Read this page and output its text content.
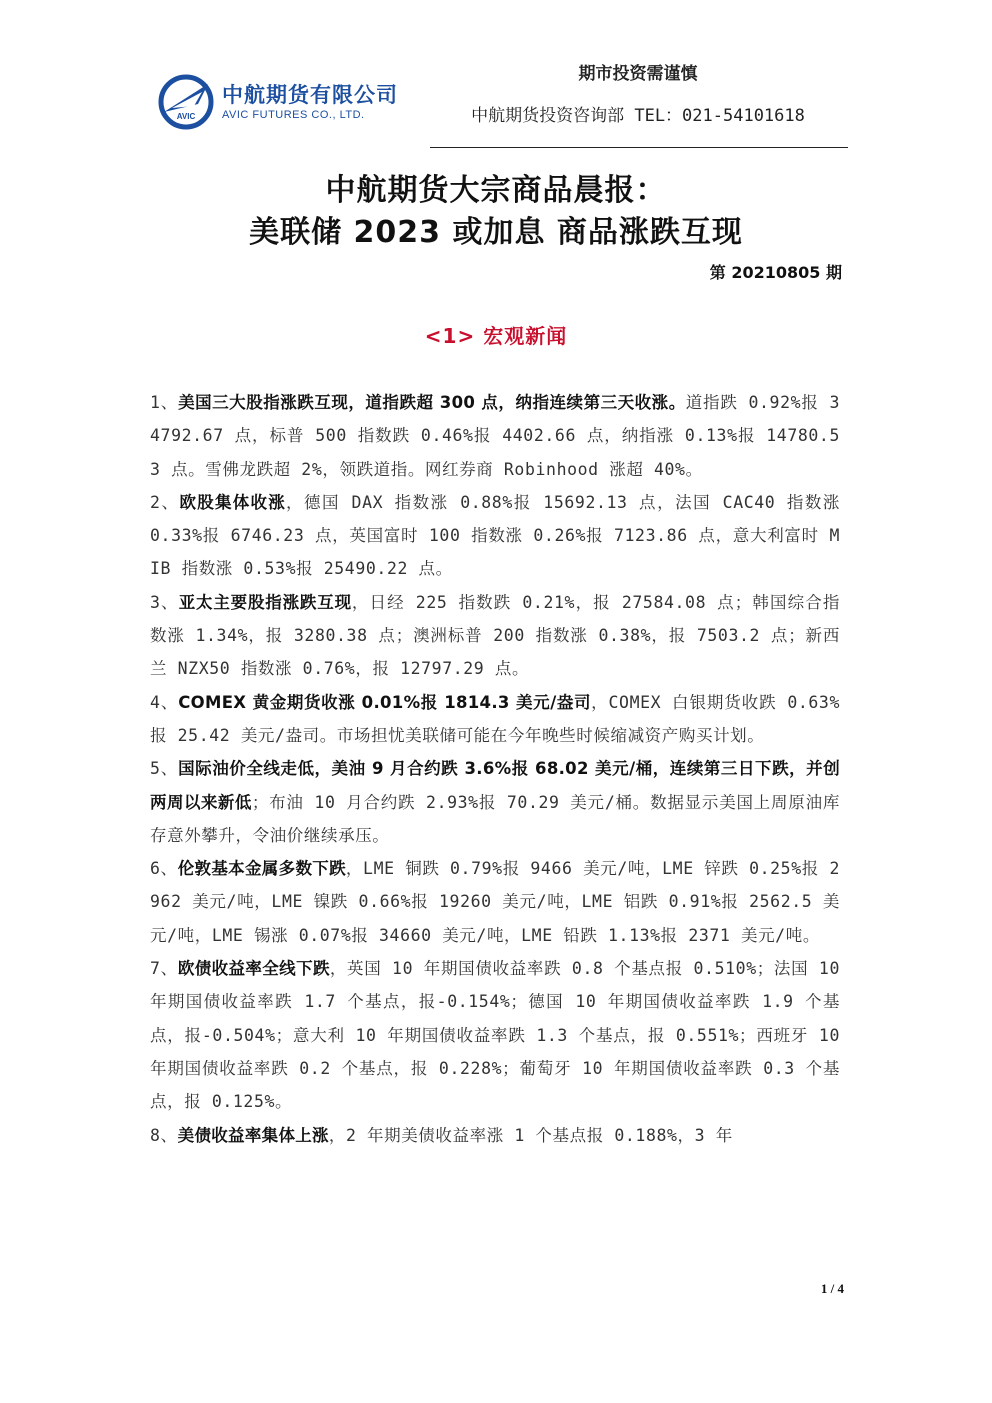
AVIC
中航期货有限公司
AVIC FUTURES CO., LTD.
期市投资需谨慎
中航期货投资咨询部 TEL：021-54101618
中航期货大宗商品晨报：
美联储 2023 或加息 商品涨跌互现
第 20210805 期
<1> 宏观新闻
1、美国三大股指涨跌互现，道指跌超 300 点，纳指连续第三天收涨。道指跌 0.92%报 34792.67 点，标普 500 指数跌 0.46%报 4402.66 点，纳指涨 0.13%报 14780.53 点。雪佛龙跌超 2%，领跌道指。网红券商 Robinhood 涨超 40%。
2、欧股集体收涨，德国 DAX 指数涨 0.88%报 15692.13 点，法国 CAC40 指数涨 0.33%报 6746.23 点，英国富时 100 指数涨 0.26%报 7123.86 点，意大利富时 MIB 指数涨 0.53%报 25490.22 点。
3、亚太主要股指涨跌互现，日经 225 指数跌 0.21%，报 27584.08 点；韩国综合指数涨 1.34%，报 3280.38 点；澳洲标普 200 指数涨 0.38%，报 7503.2 点；新西兰 NZX50 指数涨 0.76%，报 12797.29 点。
4、COMEX 黄金期货收涨 0.01%报 1814.3 美元/盎司，COMEX 白银期货收跌 0.63%报 25.42 美元/盎司。市场担忧美联储可能在今年晚些时候缩减资产购买计划。
5、国际油价全线走低，美油 9 月合约跌 3.6%报 68.02 美元/桶，连续第三日下跌，并创两周以来新低；布油 10 月合约跌 2.93%报 70.29 美元/桶。数据显示美国上周原油库存意外攀升，令油价继续承压。
6、伦敦基本金属多数下跌，LME 铜跌 0.79%报 9466 美元/吨，LME 锌跌 0.25%报 2962 美元/吨，LME 镍跌 0.66%报 19260 美元/吨，LME 铝跌 0.91%报 2562.5 美元/吨，LME 锡涨 0.07%报 34660 美元/吨，LME 铅跌 1.13%报 2371 美元/吨。
7、欧债收益率全线下跌，英国 10 年期国债收益率跌 0.8 个基点报 0.510%；法国 10 年期国债收益率跌 1.7 个基点，报-0.154%；德国 10 年期国债收益率跌 1.9 个基点，报-0.504%；意大利 10 年期国债收益率跌 1.3 个基点，报 0.551%；西班牙 10 年期国债收益率跌 0.2 个基点，报 0.228%；葡萄牙 10 年期国债收益率跌 0.3 个基点，报 0.125%。
8、美债收益率集体上涨，2 年期美债收益率涨 1 个基点报 0.188%，3 年
1 / 4
